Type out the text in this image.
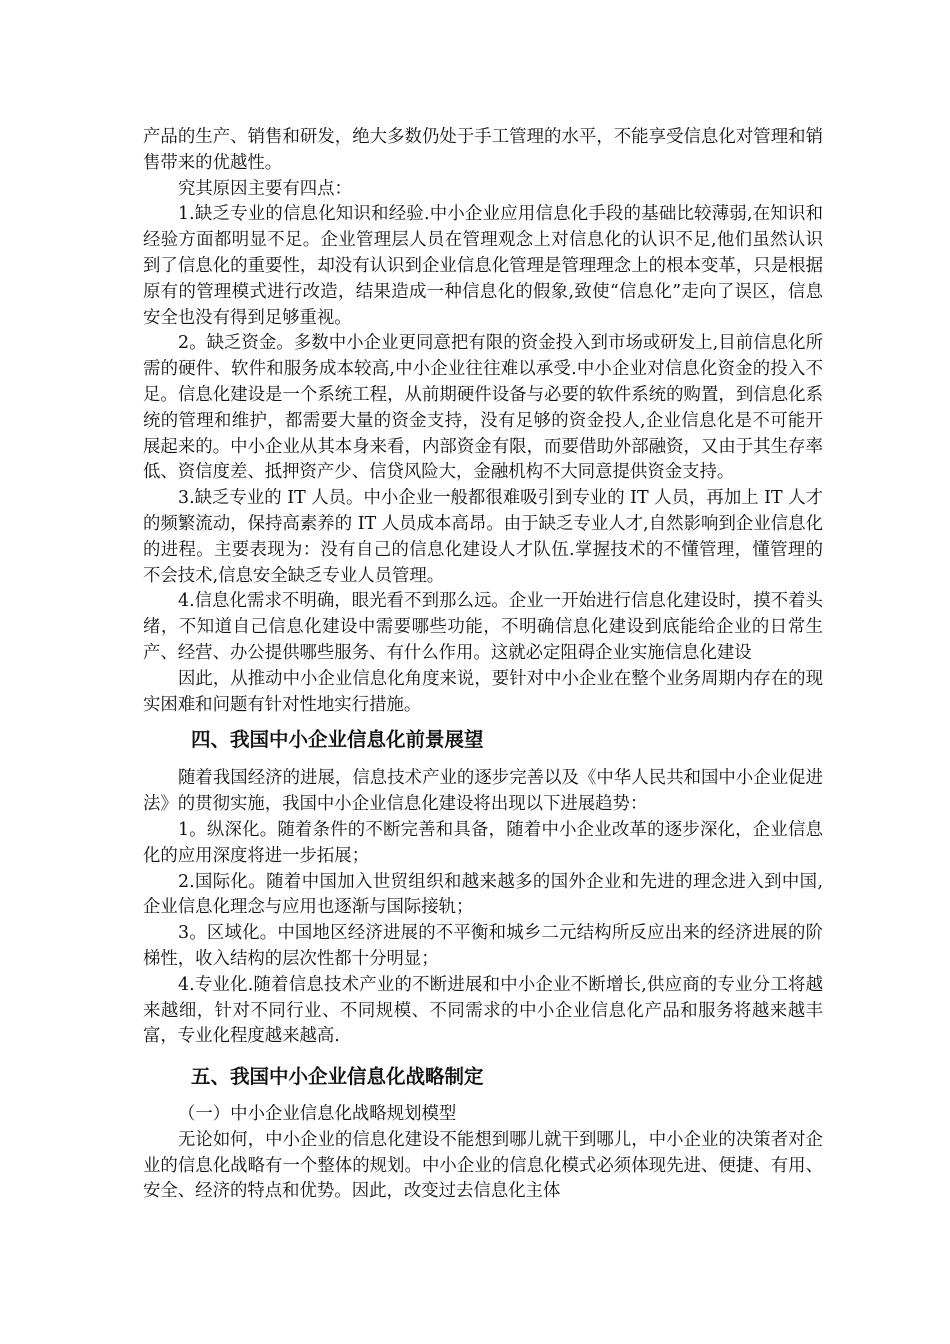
产品的生产、销售和研发，绝大多数仍处于手工管理的水平，不能享受信息化对管理和销售带来的优越性。

究其原因主要有四点：

1.缺乏专业的信息化知识和经验.中小企业应用信息化手段的基础比较薄弱,在知识和经验方面都明显不足。企业管理层人员在管理观念上对信息化的认识不足,他们虽然认识到了信息化的重要性，却没有认识到企业信息化管理是管理理念上的根本变革，只是根据原有的管理模式进行改造，结果造成一种信息化的假象,致使“信息化”走向了误区，信息安全也没有得到足够重视。

2。缺乏资金。多数中小企业更同意把有限的资金投入到市场或研发上,目前信息化所需的硬件、软件和服务成本较高,中小企业往往难以承受.中小企业对信息化资金的投入不足。信息化建设是一个系统工程，从前期硬件设备与必要的软件系统的购置，到信息化系统的管理和维护，都需要大量的资金支持，没有足够的资金投人,企业信息化是不可能开展起来的。中小企业从其本身来看，内部资金有限，而要借助外部融资，又由于其生存率低、资信度差、抵押资产少、信贷风险大，金融机构不大同意提供资金支持。

3.缺乏专业的 IT 人员。中小企业一般都很难吸引到专业的 IT 人员，再加上 IT 人才的频繁流动，保持高素养的 IT 人员成本高昂。由于缺乏专业人才,自然影响到企业信息化的进程。主要表现为：没有自己的信息化建设人才队伍.掌握技术的不懂管理，懂管理的不会技术,信息安全缺乏专业人员管理。

4.信息化需求不明确，眼光看不到那么远。企业一开始进行信息化建设时，摸不着头绪，不知道自己信息化建设中需要哪些功能，不明确信息化建设到底能给企业的日常生产、经营、办公提供哪些服务、有什么作用。这就必定阻碍企业实施信息化建设

因此，从推动中小企业信息化角度来说，要针对中小企业在整个业务周期内存在的现实困难和问题有针对性地实行措施。

四、我国中小企业信息化前景展望

随着我国经济的进展，信息技术产业的逐步完善以及《中华人民共和国中小企业促进法》的贯彻实施，我国中小企业信息化建设将出现以下进展趋势：

1。纵深化。随着条件的不断完善和具备，随着中小企业改革的逐步深化，企业信息化的应用深度将进一步拓展；

2.国际化。随着中国加入世贸组织和越来越多的国外企业和先进的理念进入到中国,企业信息化理念与应用也逐渐与国际接轨；

3。区域化。中国地区经济进展的不平衡和城乡二元结构所反应出来的经济进展的阶梯性，收入结构的层次性都十分明显；

4.专业化.随着信息技术产业的不断进展和中小企业不断增长,供应商的专业分工将越来越细，针对不同行业、不同规模、不同需求的中小企业信息化产品和服务将越来越丰富，专业化程度越来越高.

五、我国中小企业信息化战略制定

（一）中小企业信息化战略规划模型

无论如何，中小企业的信息化建设不能想到哪儿就干到哪儿，中小企业的决策者对企业的信息化战略有一个整体的规划。中小企业的信息化模式必须体现先进、便捷、有用、安全、经济的特点和优势。因此，改变过去信息化主体
